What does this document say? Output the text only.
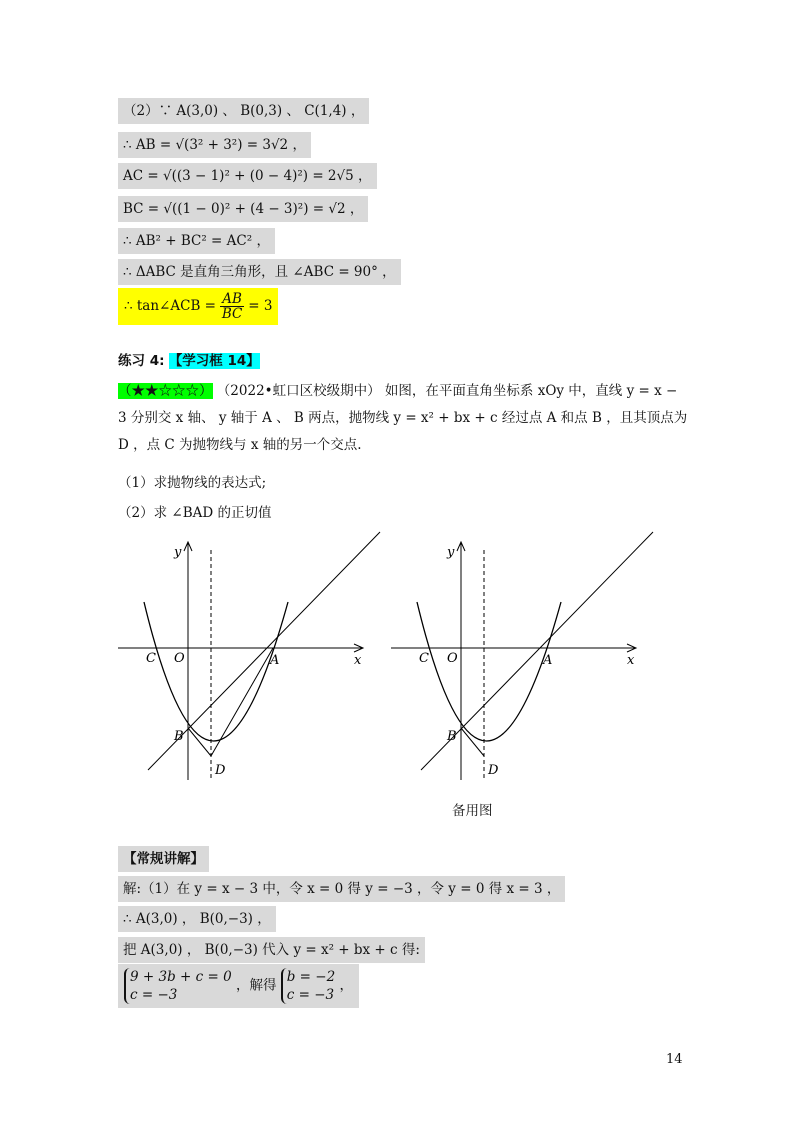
（2）∵ A(3,0) 、 B(0,3) 、 C(1,4) ，
∴ AB = √(3² + 3²) = 3√2 ，
AC = √((3 − 1)² + (0 − 4)²) = 2√5 ，
BC = √((1 − 0)² + (4 − 3)²) = √2 ，
∴ AB² + BC² = AC² ，
∴ ΔABC 是直角三角形，且 ∠ABC = 90° ，
∴ tan∠ACB = $\frac{AB}{BC} = 3$
练习 4: 【学习框 14】
（★★☆☆☆） （2022•虹口区校级期中） 如图，在平面直角坐标系 xOy 中，直线 y = x − 3 分别交 x 轴、 y 轴于 A 、 B 两点，抛物线 y = x² + bx + c 经过点 A 和点 B ，且其顶点为 D ，点 C 为抛物线与 x 轴的另一个交点.
（1）求抛物线的表达式;
（2）求 ∠BAD 的正切值
C O	A
B
D
y
x	C O	A
B
D
y
x
备用图
【常规讲解】
解:（1）在 y = x − 3 中，令 x = 0 得 y = −3 ，令 y = 0 得 x = 3 ，
∴ A(3,0) ， B(0,−3) ，
把 A(3,0) ， B(0,−3) 代入 y = x² + bx + c 得:
9 + 3b + c = 0
c = −3
，解得
b = −2
c = −3
，
14
